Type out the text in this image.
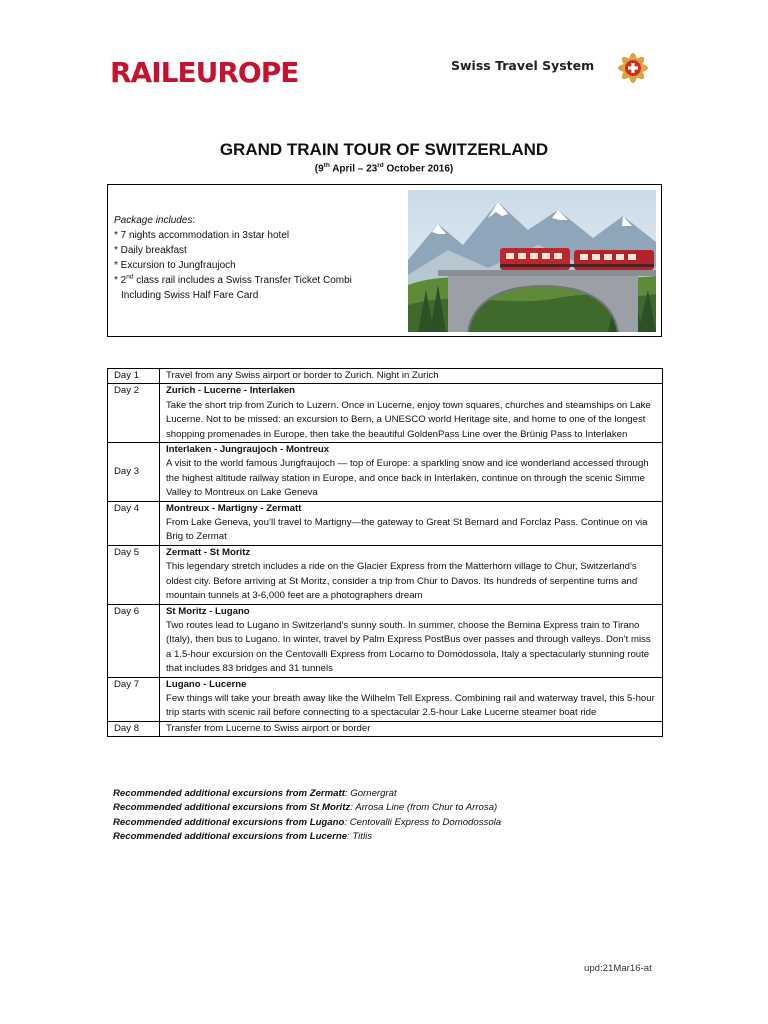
RAILEUROPE	Swiss Travel System
GRAND TRAIN TOUR OF SWITZERLAND
(9th April – 23rd October 2016)
Package includes:
* 7 nights accommodation in 3star hotel
* Daily breakfast
* Excursion to Jungfraujoch
* 2nd class rail includes a Swiss Transfer Ticket Combi
Including Swiss Half Fare Card
Day 1	Travel from any Swiss airport or border to Zurich. Night in Zurich

Day 2	Zurich - Lucerne - Interlaken
Take the short trip from Zurich to Luzern. Once in Lucerne, enjoy town squares, churches and steamships on Lake Lucerne. Not to be missed: an excursion to Bern, a UNESCO world Heritage site, and home to one of the longest shopping promenades in Europe, then take the beautiful GoldenPass Line over the Brünig Pass to Interlaken

Day 3	Interlaken - Jungraujoch - Montreux
A visit to the world famous Jungfraujoch — top of Europe: a sparkling snow and ice wonderland accessed through the highest altitude railway station in Europe, and once back in Interlaken, continue on through the scenic Simme Valley to Montreux on Lake Geneva

Day 4	Montreux - Martigny - Zermatt
From Lake Geneva, you’ll travel to Martigny—the gateway to Great St Bernard and Forclaz Pass. Continue on via Brig to Zermat

Day 5	Zermatt - St Moritz
This legendary stretch includes a ride on the Glacier Express from the Matterhorn village to Chur, Switzerland’s oldest city. Before arriving at St Moritz, consider a trip from Chur to Davos. Its hundreds of serpentine turns and mountain tunnels at 3-6,000 feet are a photographers dream

Day 6	St Moritz - Lugano
Two routes lead to Lugano in Switzerland’s sunny south. In summer, choose the Bernina Express train to Tirano (Italy), then bus to Lugano. In winter, travel by Palm Express PostBus over passes and through valleys. Don’t miss a 1.5-hour excursion on the Centovalli Express from Locarno to Domodossola, Italy a spectacularly stunning route that includes 83 bridges and 31 tunnels

Day 7	Lugano - Lucerne
Few things will take your breath away like the Wilhelm Tell Express. Combining rail and waterway travel, this 5-hour trip starts with scenic rail before connecting to a spectacular 2.5-hour Lake Lucerne steamer boat ride

Day 8	Transfer from Lucerne to Swiss airport or border
Recommended additional excursions from Zermatt: Gornergrat
Recommended additional excursions from St Moritz: Arrosa Line (from Chur to Arrosa)
Recommended additional excursions from Lugano: Centovalli Express to Domodossola
Recommended additional excursions from Lucerne: Titlis
upd:21Mar16-at
